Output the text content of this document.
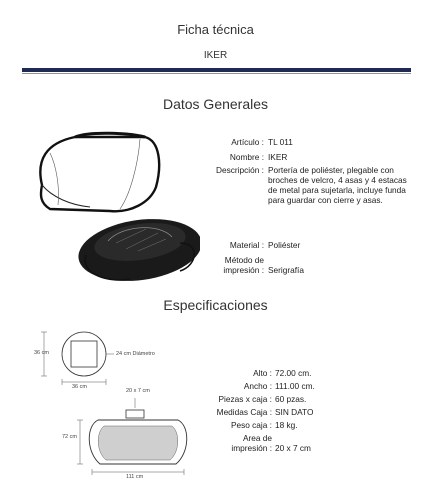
Ficha técnica
IKER
Datos Generales
Artículo : TL 011
Nombre : IKER
Descripción : Portería de poliéster, plegable con broches de velcro, 4 asas y 4 estacas de metal para sujetarla, incluye funda para guardar con cierre y asas.
Material : Poliéster
Método de
impresión : Serigrafía
Especificaciones
36 cm
36 cm
24 cm Diámetro
20 x 7 cm
72 cm
111 cm
Alto : 72.00 cm.
Ancho : 111.00 cm.
Piezas x caja : 60 pzas.
Medidas Caja : SIN DATO
Peso caja : 18 kg.
Area de
impresión : 20 x 7 cm
